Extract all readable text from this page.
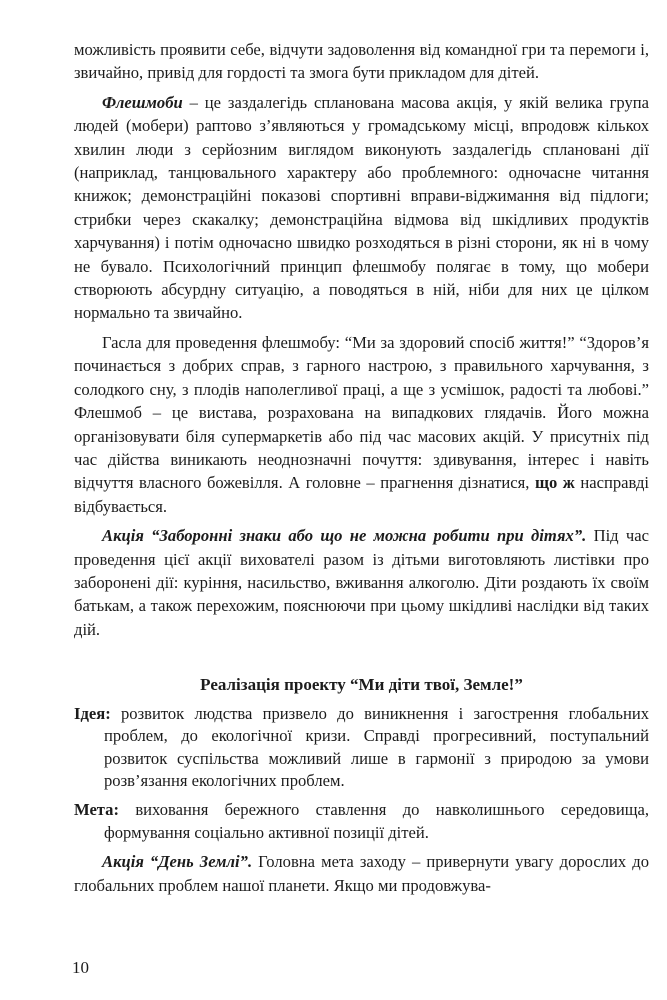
можливість проявити себе, відчути задоволення від командної гри та перемоги і, звичайно, привід для гордості та змога бути прикладом для дітей.

Флешмоби – це заздалегідь спланована масова акція, у якій велика група людей (мобери) раптово з’являються у громадському місці, впродовж кількох хвилин люди з серйозним виглядом виконують заздалегідь сплановані дії (наприклад, танцювального характеру або проблемного: одночасне читання книжок; демонстраційні показові спортивні вправи-віджимання від підлоги; стрибки через скакалку; демонстраційна відмова від шкідливих продуктів харчування) і потім одночасно швидко розходяться в різні сторони, як ні в чому не бувало. Психологічний принцип флешмобу полягає в тому, що мобери створюють абсурдну ситуацію, а поводяться в ній, ніби для них це цілком нормально та звичайно.

Гасла для проведення флешмобу: “Ми за здоровий спосіб життя!” “Здоров’я починається з добрих справ, з гарного настрою, з правильного харчування, з солодкого сну, з плодів наполегливої праці, а ще з усмішок, радості та любові.” Флешмоб – це вистава, розрахована на випадкових глядачів. Його можна організовувати біля супермаркетів або під час масових акцій. У присутніх під час дійства виникають неоднозначні почуття: здивування, інтерес і навіть відчуття власного божевілля. А головне – прагнення дізнатися, що ж насправді відбувається.

Акція “Заборонні знаки або що не можна робити при дітях”. Під час проведення цієї акції вихователі разом із дітьми виготовляють листівки про заборонені дії: куріння, насильство, вживання алкоголю. Діти роздають їх своїм батькам, а також перехожим, пояснюючи при цьому шкідливі наслідки від таких дій.

Реалізація проекту “Ми діти твої, Земле!”

Ідея: розвиток людства призвело до виникнення і загострення глобальних проблем, до екологічної кризи. Справді прогресивний, поступальний розвиток суспільства можливий лише в гармонії з природою за умови розв’язання екологічних проблем.

Мета: виховання бережного ставлення до навколишнього середовища, формування соціально активної позиції дітей.

Акція “День Землі”. Головна мета заходу – привернути увагу дорослих до глобальних проблем нашої планети. Якщо ми продовжува-

10
